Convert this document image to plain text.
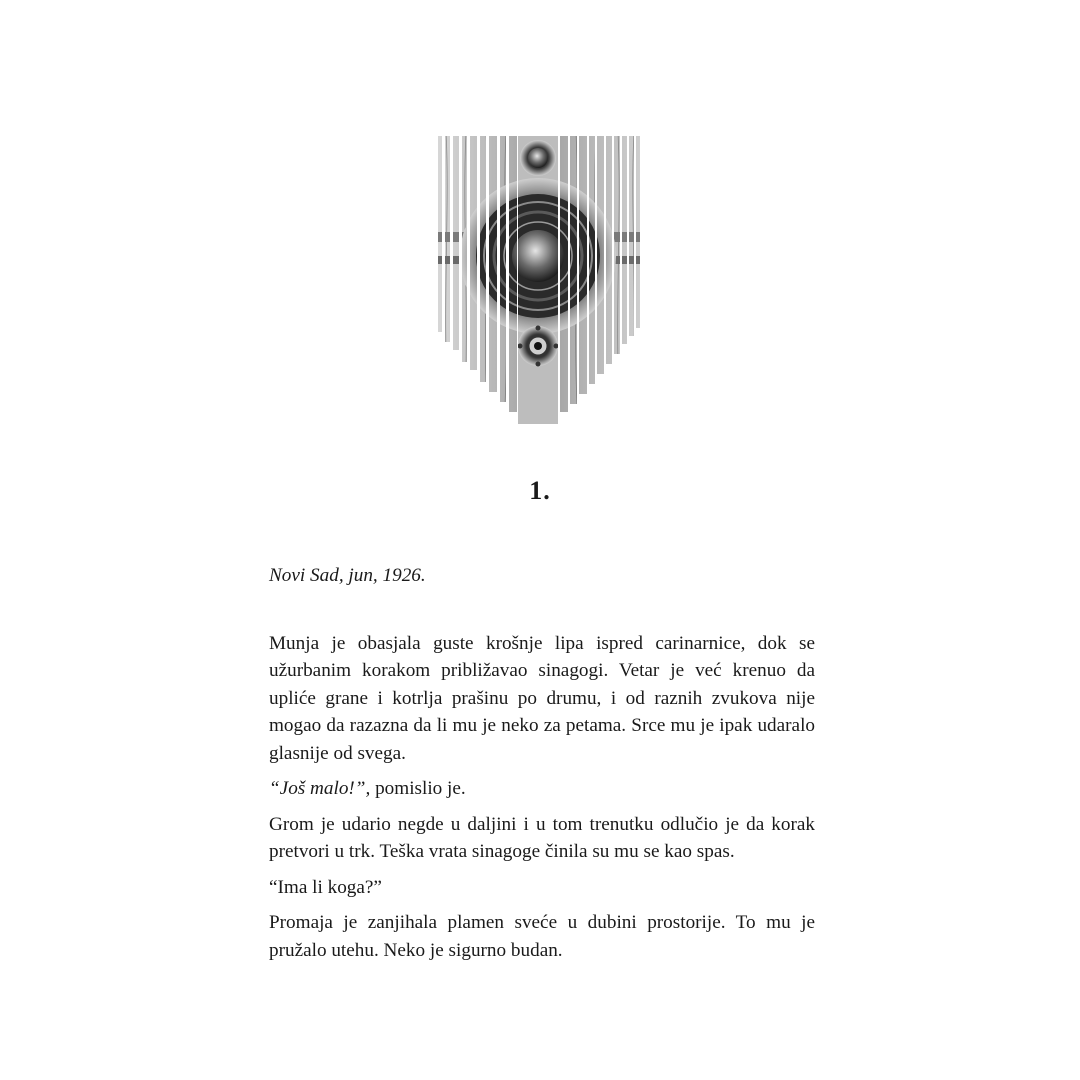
1.

Novi Sad, jun, 1926.

Munja je obasjala guste krošnje lipa ispred carinarnice, dok se užurbanim korakom približavao sinagogi. Vetar je već krenuo da upliće grane i kotrlja prašinu po drumu, i od raznih zvukova nije mogao da razazna da li mu je neko za petama. Srce mu je ipak udaralo glasnije od svega.

“Još malo!”, pomislio je.

Grom je udario negde u daljini i u tom trenutku odlučio je da korak pretvori u trk. Teška vrata sinagoge činila su mu se kao spas.

“Ima li koga?”

Promaja je zanjihala plamen sveće u dubini prostorije. To mu je pružalo utehu. Neko je sigurno budan.
